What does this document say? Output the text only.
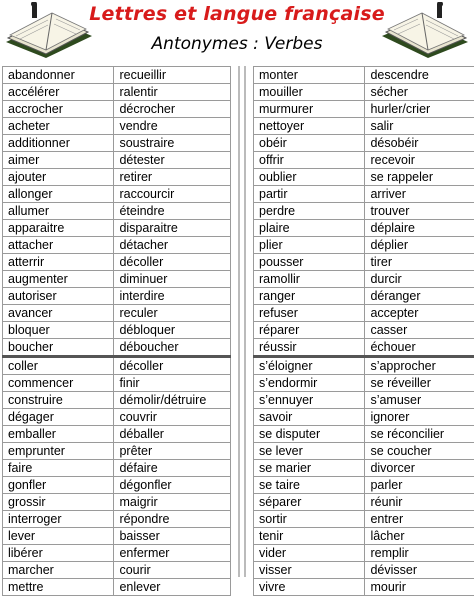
Lettres et langue française
Antonymes : Verbes
abandonner	recueillir
accélérer	ralentir
accrocher	décrocher
acheter	vendre
additionner	soustraire
aimer	détester
ajouter	retirer
allonger	raccourcir
allumer	éteindre
apparaitre	disparaitre
attacher	détacher
atterrir	décoller
augmenter	diminuer
autoriser	interdire
avancer	reculer
bloquer	débloquer
boucher	déboucher
coller	décoller
commencer	finir
construire	démolir/détruire
dégager	couvrir
emballer	déballer
emprunter	prêter
faire	défaire
gonfler	dégonfler
grossir	maigrir
interroger	répondre
lever	baisser
libérer	enfermer
marcher	courir
mettre	enlever
monter	descendre
mouiller	sécher
murmurer	hurler/crier
nettoyer	salir
obéir	désobéir
offrir	recevoir
oublier	se rappeler
partir	arriver
perdre	trouver
plaire	déplaire
plier	déplier
pousser	tirer
ramollir	durcir
ranger	déranger
refuser	accepter
réparer	casser
réussir	échouer
s’éloigner	s’approcher
s’endormir	se réveiller
s’ennuyer	s’amuser
savoir	ignorer
se disputer	se réconcilier
se lever	se coucher
se marier	divorcer
se taire	parler
séparer	réunir
sortir	entrer
tenir	lâcher
vider	remplir
visser	dévisser
vivre	mourir
